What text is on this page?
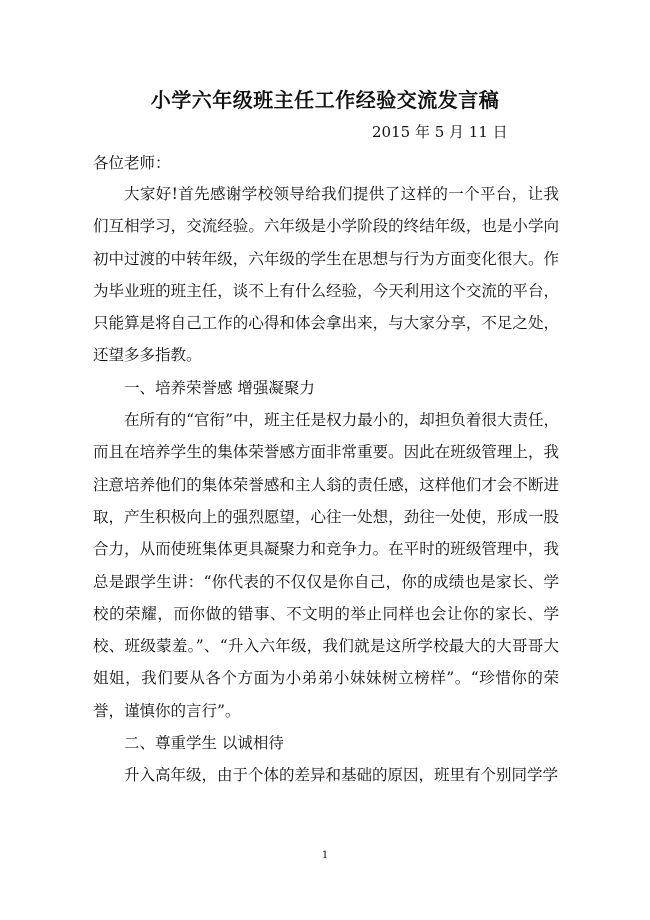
小学六年级班主任工作经验交流发言稿
2015 年 5 月 11 日
各位老师：

大家好!首先感谢学校领导给我们提供了这样的一个平台，让我们互相学习，交流经验。六年级是小学阶段的终结年级，也是小学向初中过渡的中转年级，六年级的学生在思想与行为方面变化很大。作为毕业班的班主任，谈不上有什么经验，今天利用这个交流的平台，只能算是将自己工作的心得和体会拿出来，与大家分享，不足之处，还望多多指教。

一、培养荣誉感 增强凝聚力

在所有的“官衔”中，班主任是权力最小的，却担负着很大责任，而且在培养学生的集体荣誉感方面非常重要。因此在班级管理上，我注意培养他们的集体荣誉感和主人翁的责任感，这样他们才会不断进取，产生积极向上的强烈愿望，心往一处想，劲往一处使，形成一股合力，从而使班集体更具凝聚力和竞争力。在平时的班级管理中，我总是跟学生讲：“你代表的不仅仅是你自己，你的成绩也是家长、学校的荣耀，而你做的错事、不文明的举止同样也会让你的家长、学校、班级蒙羞。”、“升入六年级，我们就是这所学校最大的大哥哥大姐姐，我们要从各个方面为小弟弟小妹妹树立榜样”。“珍惜你的荣誉，谨慎你的言行”。

二、尊重学生 以诚相待

升入高年级，由于个体的差异和基础的原因，班里有个别同学学

1
